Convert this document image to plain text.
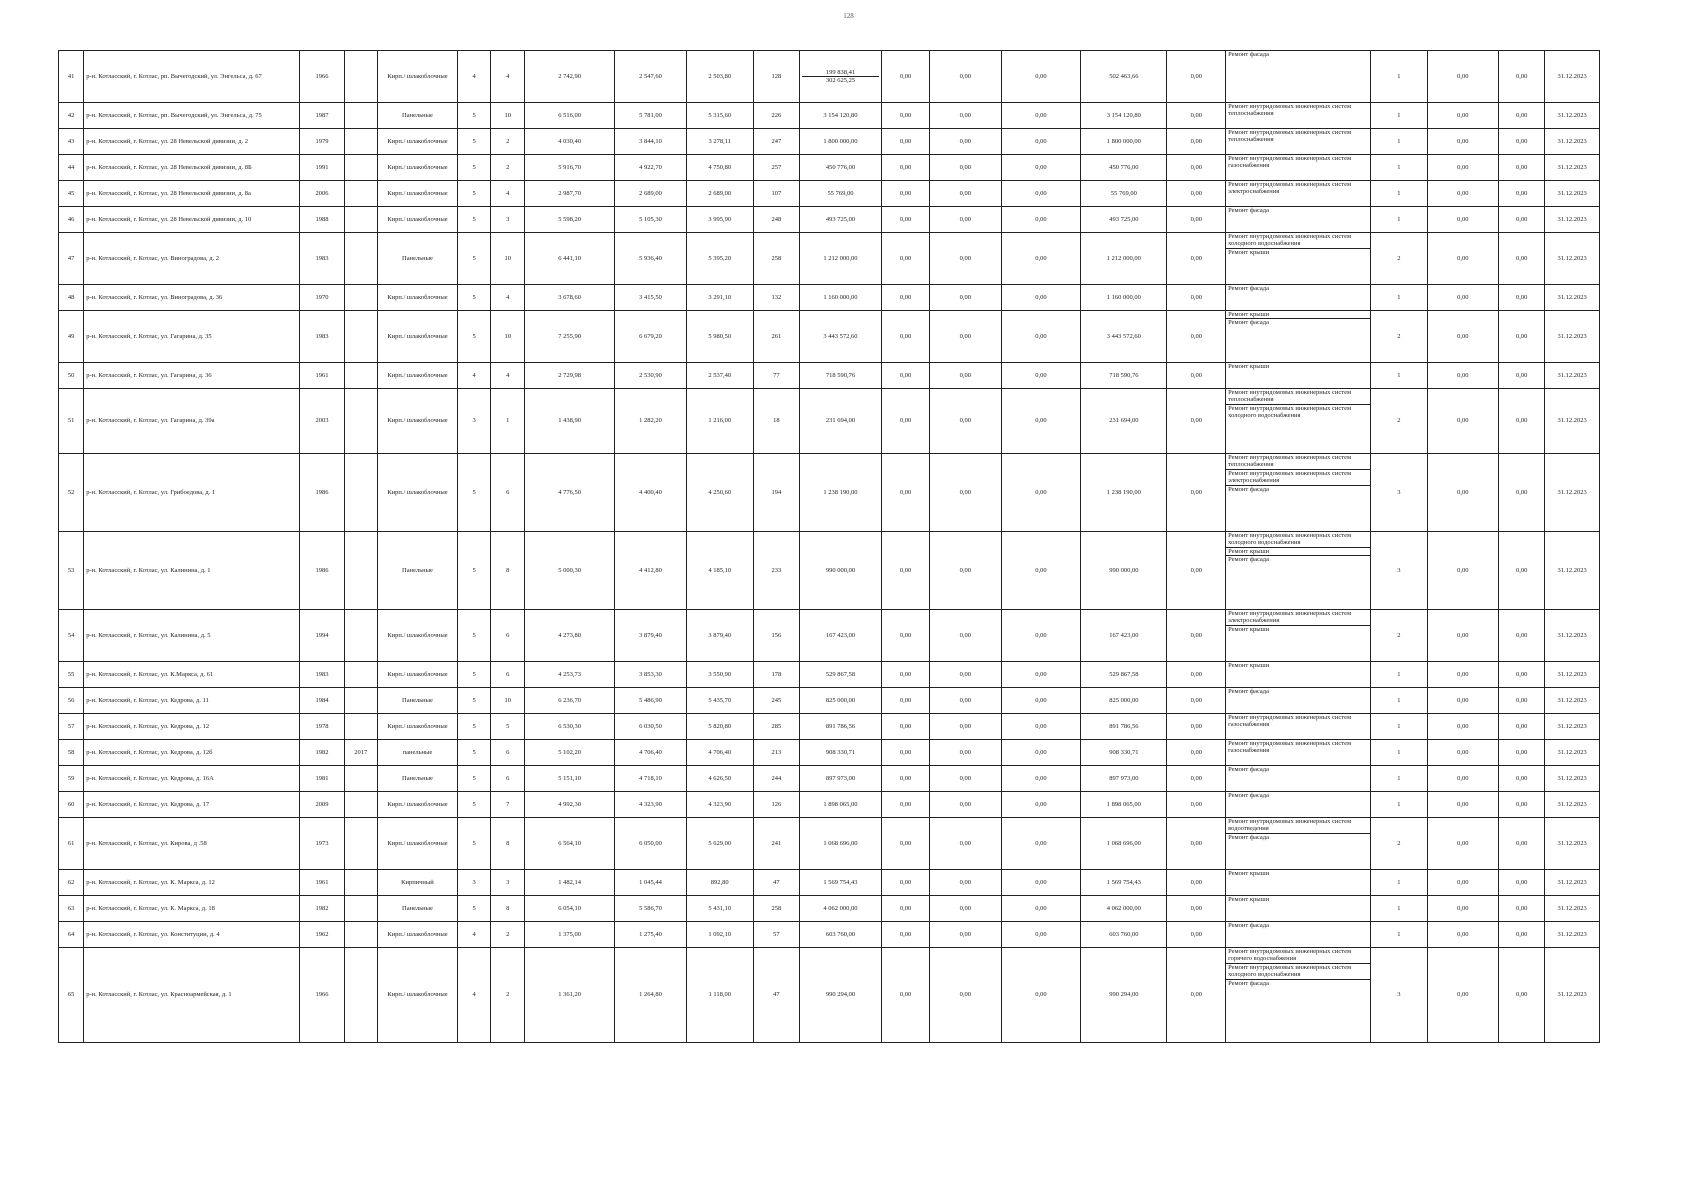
128
41	р-н. Котласский, г. Котлас, рп. Вычегодский, ул. Энгельса, д. 67	1966		Кирп./ шлакоблочные	4	4	2 742,90	2 547,60	2 503,80	128	199 838,41
302 625,25	0,00	0,00	0,00	502 463,66	0,00	Ремонт фасада	1	0,00	0,00	31.12.2023
42	р-н. Котласский, г. Котлас, рп. Вычегодский, ул. Энгельса, д. 75	1987		Панельные	5	10	6 516,00	5 781,00	5 315,60	226	3 154 120,80	0,00	0,00	0,00	3 154 120,80	0,00	Ремонт внутридомовых инженерных систем теплоснабжения	1	0,00	0,00	31.12.2023
43	р-н. Котласский, г. Котлас, ул. 28 Невельской дивизии, д. 2	1979		Кирп./ шлакоблочные	5	2	4 030,40	3 844,10	3 278,11	247	1 800 000,00	0,00	0,00	0,00	1 800 000,00	0,00	Ремонт внутридомовых инженерных систем теплоснабжения	1	0,00	0,00	31.12.2023
44	р-н. Котласский, г. Котлас, ул. 28 Невельской дивизии, д. 8Б	1991		Кирп./ шлакоблочные	5	2	5 916,70	4 922,70	4 750,80	257	450 776,00	0,00	0,00	0,00	450 776,00	0,00	Ремонт внутридомовых инженерных систем газоснабжения	1	0,00	0,00	31.12.2023
45	р-н. Котласский, г. Котлас, ул. 28 Невельской дивизии, д. 8а	2006		Кирп./ шлакоблочные	5	4	2 987,70	2 689,00	2 689,00	107	55 769,00	0,00	0,00	0,00	55 769,00	0,00	Ремонт внутридомовых инженерных систем электроснабжения	1	0,00	0,00	31.12.2023
46	р-н. Котласский, г. Котлас, ул. 28 Невельской дивизии, д. 10	1988		Кирп./ шлакоблочные	5	3	5 598,20	5 105,30	3 995,90	248	493 725,00	0,00	0,00	0,00	493 725,00	0,00	Ремонт фасада	1	0,00	0,00	31.12.2023
47	р-н. Котласский, г. Котлас, ул. Виноградова, д. 2	1983		Панельные	5	10	6 441,10	5 936,40	5 395,20	258	1 212 000,00	0,00	0,00	0,00	1 212 000,00	0,00	Ремонт внутридомовых инженерных систем холодного водоснабжения
Ремонт крыши	2	0,00	0,00	31.12.2023
48	р-н. Котласский, г. Котлас, ул. Виноградова, д. 36	1970		Кирп./ шлакоблочные	5	4	3 678,60	3 415,50	3 291,10	132	1 160 000,00	0,00	0,00	0,00	1 160 000,00	0,00	Ремонт фасада	1	0,00	0,00	31.12.2023
49	р-н. Котласский, г. Котлас, ул. Гагарина, д. 35	1983		Кирп./ шлакоблочные	5	10	7 255,90	6 679,20	5 980,50	261	3 443 572,60	0,00	0,00	0,00	3 443 572,60	0,00	Ремонт крыши
Ремонт фасада	2	0,00	0,00	31.12.2023
50	р-н. Котласский, г. Котлас, ул. Гагарина, д. 36	1961		Кирп./ шлакоблочные	4	4	2 729,98	2 530,90	2 537,40	77	718 590,76	0,00	0,00	0,00	718 590,76	0,00	Ремонт крыши	1	0,00	0,00	31.12.2023
51	р-н. Котласский, г. Котлас, ул. Гагарина, д. 39а	2003		Кирп./ шлакоблочные	3	1	1 438,90	1 282,20	1 216,00	18	231 694,00	0,00	0,00	0,00	231 694,00	0,00	Ремонт внутридомовых инженерных систем теплоснабжения
Ремонт внутридомовых инженерных систем холодного водоснабжения	2	0,00	0,00	31.12.2023
52	р-н. Котласский, г. Котлас, ул. Грибоедова, д. 1	1986		Кирп./ шлакоблочные	5	6	4 776,50	4 400,40	4 250,60	194	1 238 190,00	0,00	0,00	0,00	1 238 190,00	0,00	Ремонт внутридомовых инженерных систем теплоснабжения
Ремонт внутридомовых инженерных систем электроснабжения
Ремонт фасада	3	0,00	0,00	31.12.2023
53	р-н. Котласский, г. Котлас, ул. Калинина, д. 1	1986		Панельные	5	8	5 000,30	4 412,80	4 185,10	233	990 000,00	0,00	0,00	0,00	990 000,00	0,00	Ремонт внутридомовых инженерных систем холодного водоснабжения
Ремонт крыши
Ремонт фасада	3	0,00	0,00	31.12.2023
54	р-н. Котласский, г. Котлас, ул. Калинина, д. 5	1994		Кирп./ шлакоблочные	5	6	4 273,80	3 879,40	3 879,40	156	167 423,00	0,00	0,00	0,00	167 423,00	0,00	Ремонт внутридомовых инженерных систем электроснабжения
Ремонт крыши	2	0,00	0,00	31.12.2023
55	р-н. Котласский, г. Котлас, ул. К.Маркса, д. 61	1983		Кирп./ шлакоблочные	5	6	4 253,73	3 853,30	3 550,90	178	529 867,58	0,00	0,00	0,00	529 867,58	0,00	Ремонт крыши	1	0,00	0,00	31.12.2023
56	р-н. Котласский, г. Котлас, ул. Кедрова, д. 11	1984		Панельные	5	10	6 236,70	5 486,90	5 435,70	245	825 000,00	0,00	0,00	0,00	825 000,00	0,00	Ремонт фасада	1	0,00	0,00	31.12.2023
57	р-н. Котласский, г. Котлас, ул. Кедрова, д. 12	1978		Кирп./ шлакоблочные	5	5	6 530,30	6 030,50	5 820,80	285	891 786,56	0,00	0,00	0,00	891 786,56	0,00	Ремонт внутридомовых инженерных систем газоснабжения	1	0,00	0,00	31.12.2023
58	р-н. Котласский, г. Котлас, ул. Кедрова, д. 12б	1982	2017	панельные	5	6	5 102,20	4 706,40	4 706,40	213	908 330,71	0,00	0,00	0,00	908 330,71	0,00	Ремонт внутридомовых инженерных систем газоснабжения	1	0,00	0,00	31.12.2023
59	р-н. Котласский, г. Котлас, ул. Кедрова, д. 16А	1981		Панельные	5	6	5 151,10	4 718,10	4 626,50	244	897 973,00	0,00	0,00	0,00	897 973,00	0,00	Ремонт фасада	1	0,00	0,00	31.12.2023
60	р-н. Котласский, г. Котлас, ул. Кедрова, д. 17	2009		Кирп./ шлакоблочные	5	7	4 992,30	4 323,90	4 323,90	126	1 898 065,00	0,00	0,00	0,00	1 898 065,00	0,00	Ремонт фасада	1	0,00	0,00	31.12.2023
61	р-н. Котласский, г. Котлас, ул. Кирова, д .58	1973		Кирп./ шлакоблочные	5	8	6 564,10	6 050,00	5 629,00	241	1 068 696,00	0,00	0,00	0,00	1 068 696,00	0,00	Ремонт внутридомовых инженерных систем водоотведения
Ремонт фасада	2	0,00	0,00	31.12.2023
62	р-н. Котласский, г. Котлас, ул. К. Маркса, д. 12	1961		Кирпичный	3	3	1 482,14	1 045,44	892,80	47	1 569 754,43	0,00	0,00	0,00	1 569 754,43	0,00	Ремонт крыши	1	0,00	0,00	31.12.2023
63	р-н. Котласский, г. Котлас, ул. К. Маркса, д. 18	1982		Панельные	5	8	6 054,10	5 586,70	5 431,10	258	4 062 000,00	0,00	0,00	0,00	4 062 000,00	0,00	Ремонт крыши	1	0,00	0,00	31.12.2023
64	р-н. Котласский, г. Котлас, ул. Конституции, д. 4	1962		Кирп./ шлакоблочные	4	2	1 375,00	1 275,40	1 092,10	57	603 760,00	0,00	0,00	0,00	603 760,00	0,00	Ремонт фасада	1	0,00	0,00	31.12.2023
65	р-н. Котласский, г. Котлас, ул. Красноармейская, д. 1	1966		Кирп./ шлакоблочные	4	2	1 361,20	1 264,80	1 118,00	47	990 294,00	0,00	0,00	0,00	990 294,00	0,00	Ремонт внутридомовых инженерных систем горячего водоснабжения
Ремонт внутридомовых инженерных систем холодного водоснабжения
Ремонт фасада	3	0,00	0,00	31.12.2023
